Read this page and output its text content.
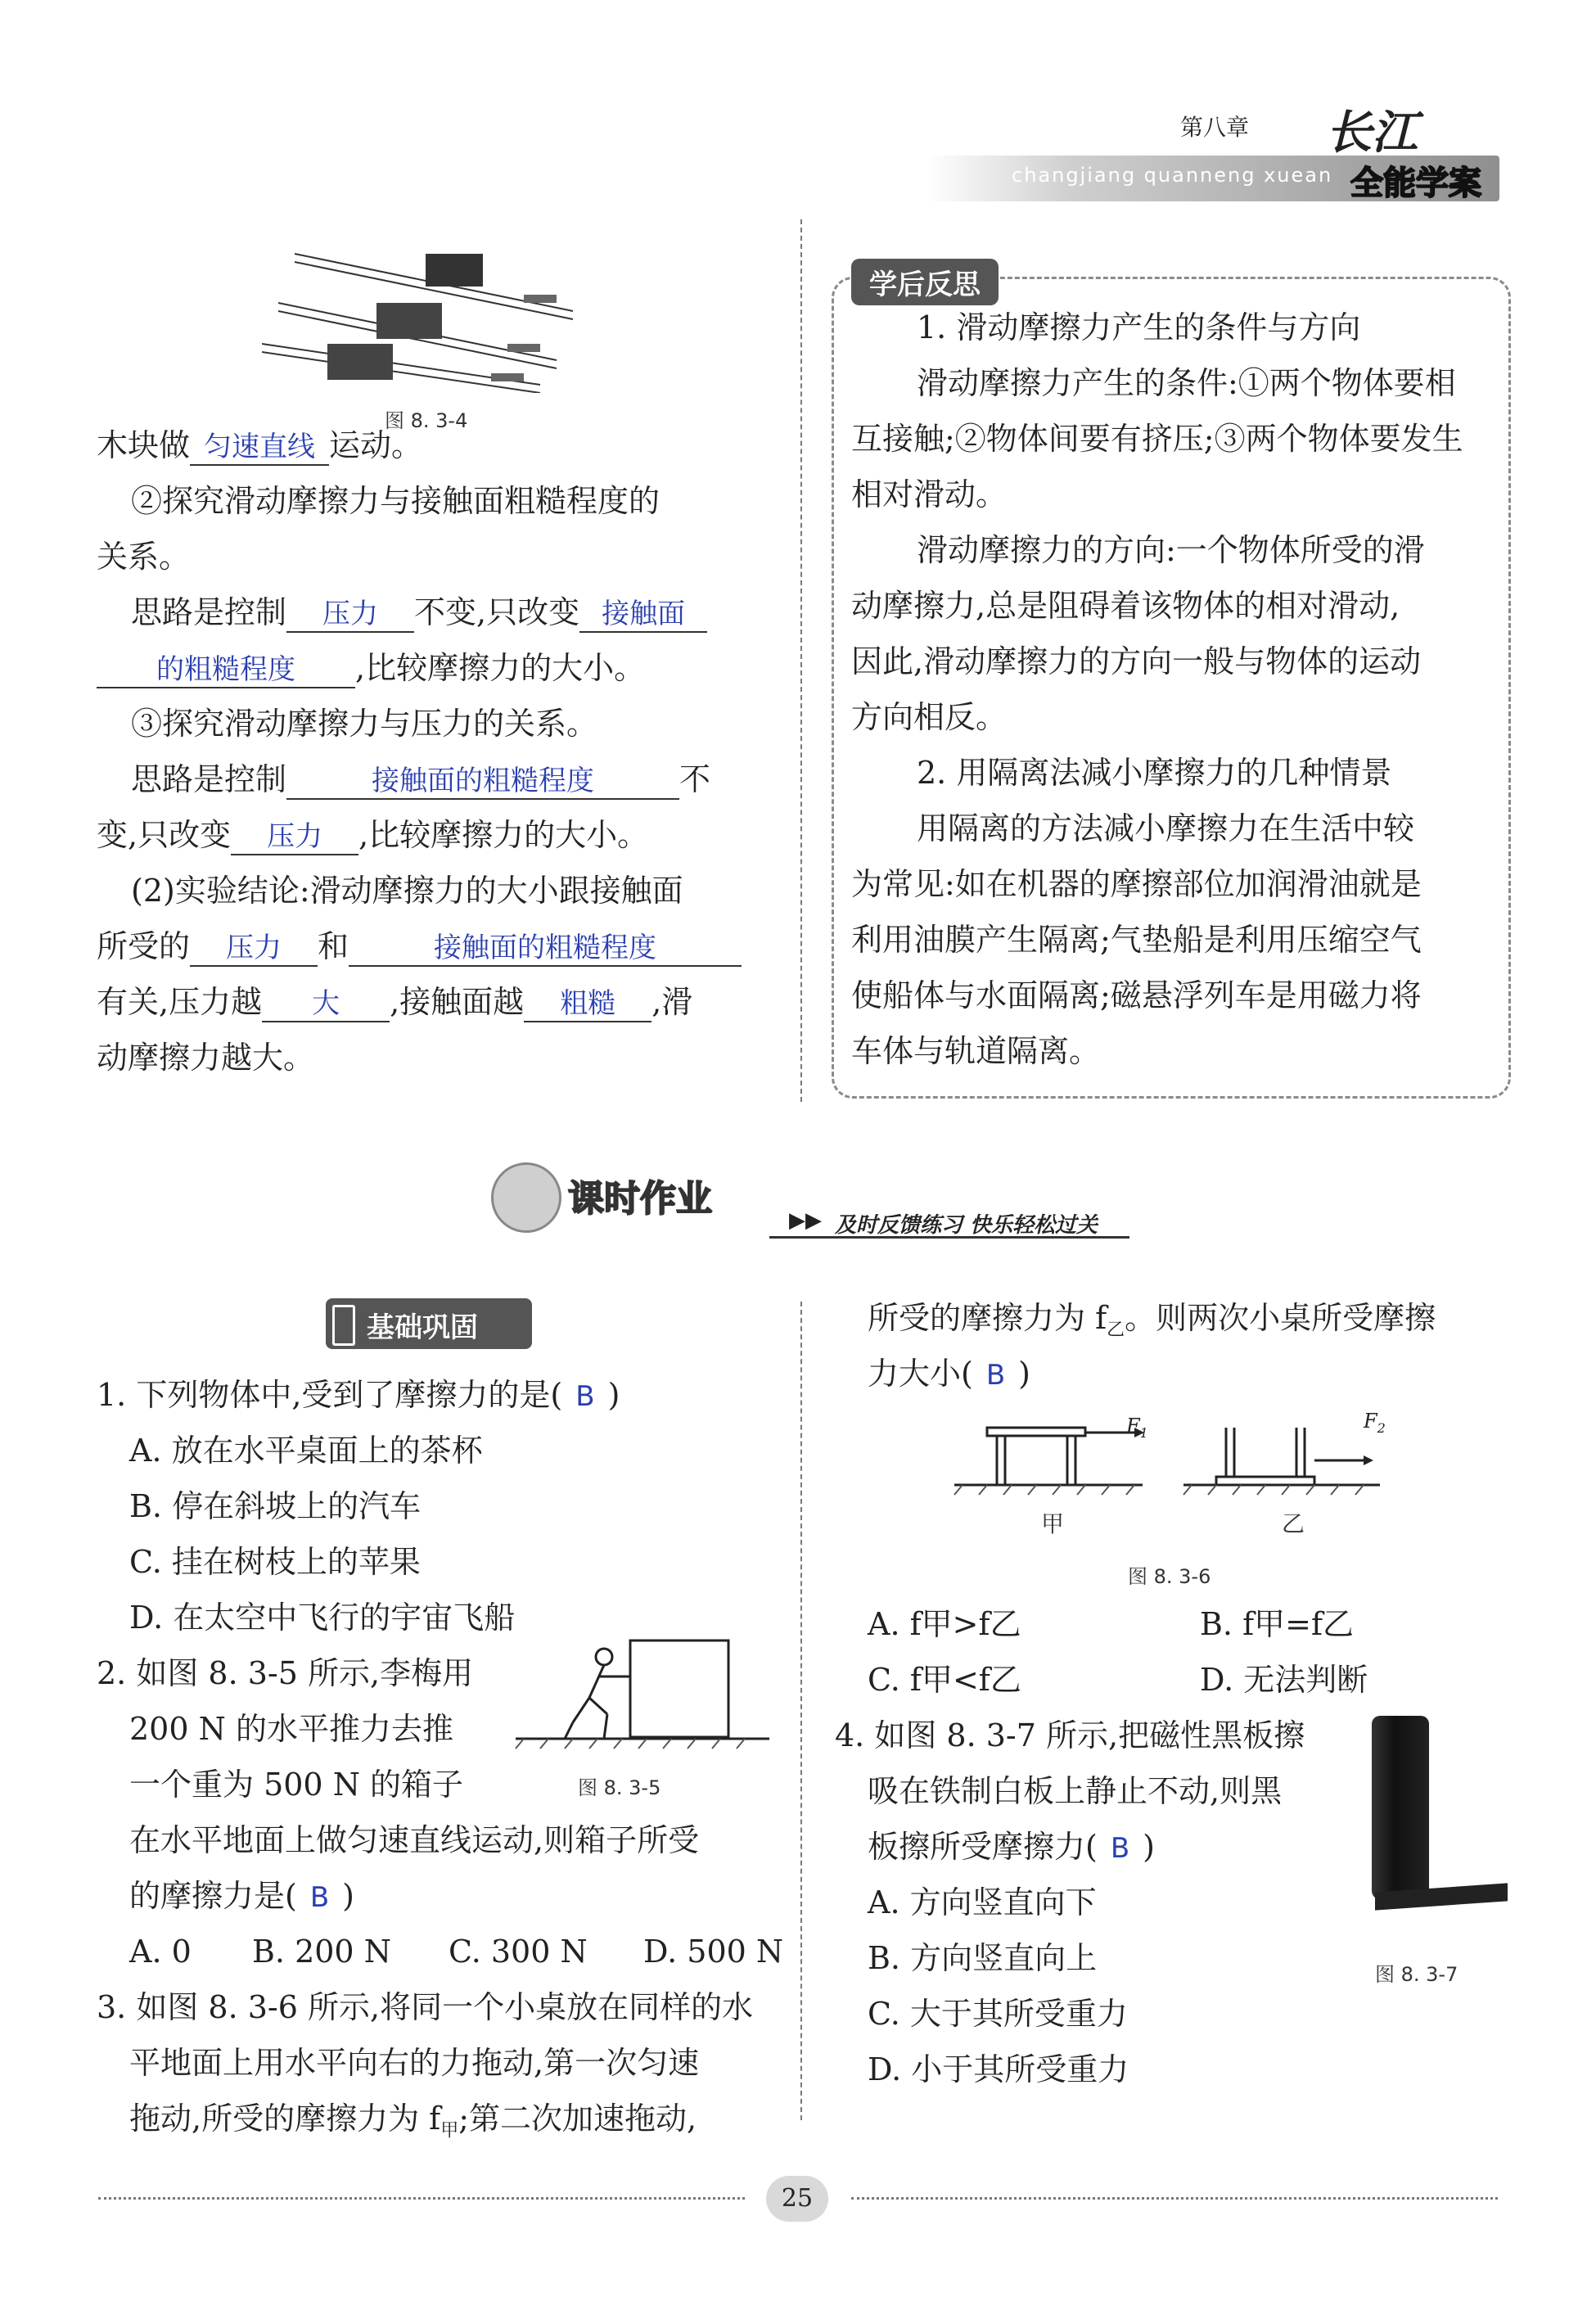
第八章
changjiang quanneng xuean
长江
全能学案
图 8. 3-4
木块做 匀速直线 运动。
②探究滑动摩擦力与接触面粗糙程度的
关系。
思路是控制 压力 不变,只改变 接触面
的粗糙程度 ,比较摩擦力的大小。
③探究滑动摩擦力与压力的关系。
思路是控制	接触面的粗糙程度	不
变,只改变 压力 ,比较摩擦力的大小。
(2)实验结论:滑动摩擦力的大小跟接触面
所受的 压力 和	接触面的粗糙程度
有关,压力越 大 ,接触面越 粗糙 ,滑
动摩擦力越大。
学后反思
1. 滑动摩擦力产生的条件与方向
滑动摩擦力产生的条件:①两个物体要相
互接触;②物体间要有挤压;③两个物体要发生
相对滑动。
滑动摩擦力的方向:一个物体所受的滑
动摩擦力,总是阻碍着该物体的相对滑动,
因此,滑动摩擦力的方向一般与物体的运动
方向相反。
2. 用隔离法减小摩擦力的几种情景
用隔离的方法减小摩擦力在生活中较
为常见:如在机器的摩擦部位加润滑油就是
利用油膜产生隔离;气垫船是利用压缩空气
使船体与水面隔离;磁悬浮列车是用磁力将
车体与轨道隔离。
课时作业
▶▶ 及时反馈练习 快乐轻松过关
基础巩固
1. 下列物体中,受到了摩擦力的是( B )
A. 放在水平桌面上的茶杯
B. 停在斜坡上的汽车
C. 挂在树枝上的苹果
D. 在太空中飞行的宇宙飞船
2. 如图 8. 3-5 所示,李梅用
200 N 的水平推力去推
一个重为 500 N 的箱子
在水平地面上做匀速直线运动,则箱子所受
的摩擦力是( B )
A. 0 B. 200 N C. 300 N D. 500 N
图 8. 3-5
3. 如图 8. 3-6 所示,将同一个小桌放在同样的水
平地面上用水平向右的力拖动,第一次匀速
拖动,所受的摩擦力为 $f_甲$;第二次加速拖动,
所受的摩擦力为 $f_乙$。则两次小桌所受摩擦
力大小( B )
$F_1$
$F_2$
甲	乙
图 8. 3-6
A. f甲>f乙	B. f甲=f乙
C. f甲<f乙	D. 无法判断
4. 如图 8. 3-7 所示,把磁性黑板擦
吸在铁制白板上静止不动,则黑
板擦所受摩擦力( B )
A. 方向竖直向下
B. 方向竖直向上
C. 大于其所受重力
D. 小于其所受重力
图 8. 3-7
25
